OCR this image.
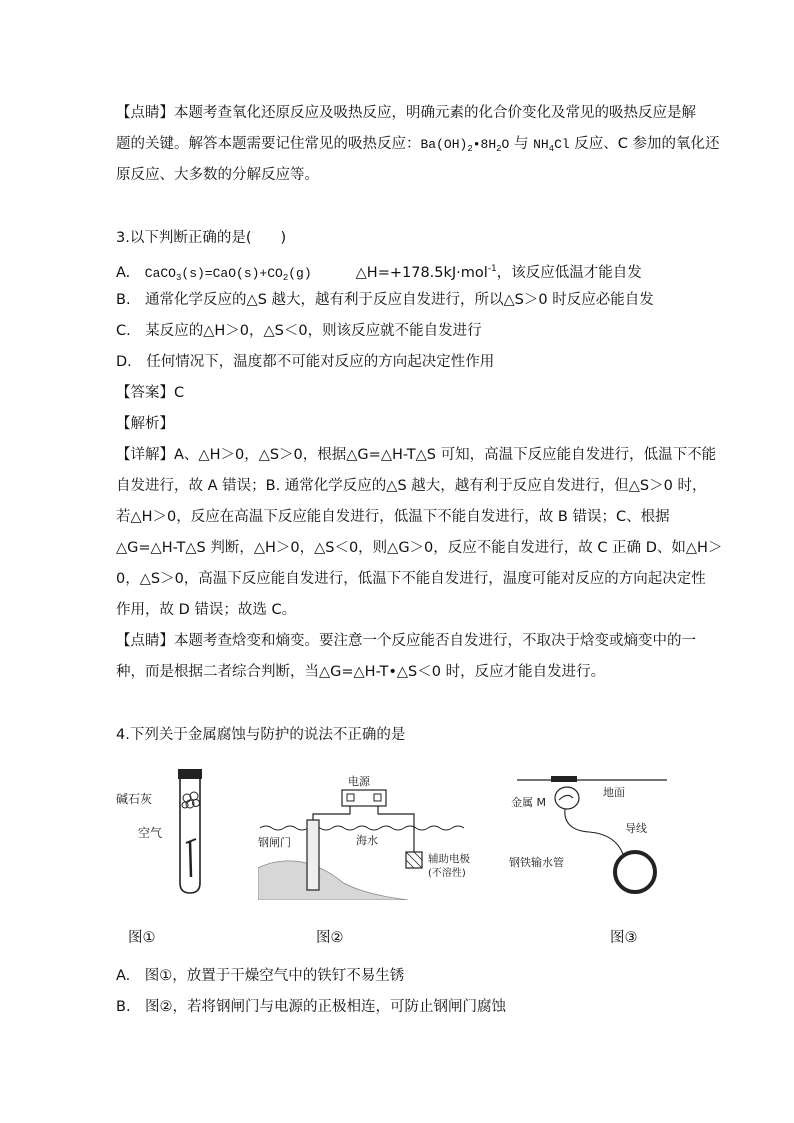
【点睛】本题考查氧化还原反应及吸热反应，明确元素的化合价变化及常见的吸热反应是解
题的关键。解答本题需要记住常见的吸热反应：$Ba(OH)_2•8H_2O$ 与 $NH_4Cl$ 反应、C 参加的氧化还
原反应、大多数的分解反应等。
3.以下判断正确的是(　　)
A.　$CaCO_3(s)=CaO(s)+CO_2(g)$	△H=+178.5kJ·mol$^{-1}$，该反应低温才能自发
B.　通常化学反应的△S 越大，越有利于反应自发进行，所以△S＞0 时反应必能自发
C.　某反应的△H＞0，△S＜0，则该反应就不能自发进行
D.　任何情况下，温度都不可能对反应的方向起决定性作用
【答案】C
【解析】
【详解】A、△H＞0，△S＞0，根据△G=△H-T△S 可知，高温下反应能自发进行，低温下不能
自发进行，故 A 错误；B. 通常化学反应的△S 越大，越有利于反应自发进行，但△S＞0 时，
若△H＞0，反应在高温下反应能自发进行，低温下不能自发进行，故 B 错误；C、根据
△G=△H-T△S 判断，△H＞0，△S＜0，则△G＞0，反应不能自发进行，故 C 正确 D、如△H＞
0，△S＞0，高温下反应能自发进行，低温下不能自发进行，温度可能对反应的方向起决定性
作用，故 D 错误；故选 C。
【点睛】本题考查焓变和熵变。要注意一个反应能否自发进行，不取决于焓变或熵变中的一
种，而是根据二者综合判断，当△G=△H-T•△S＜0 时，反应才能自发进行。
4.下列关于金属腐蚀与防护的说法不正确的是
碱石灰
空气
图①
电源
钢闸门	海水
辅助电极
(不溶性)
图②
地面
金属 M
导线
钢铁输水管
图③
A.　图①，放置于干燥空气中的铁钉不易生锈
B.　图②，若将钢闸门与电源的正极相连，可防止钢闸门腐蚀
